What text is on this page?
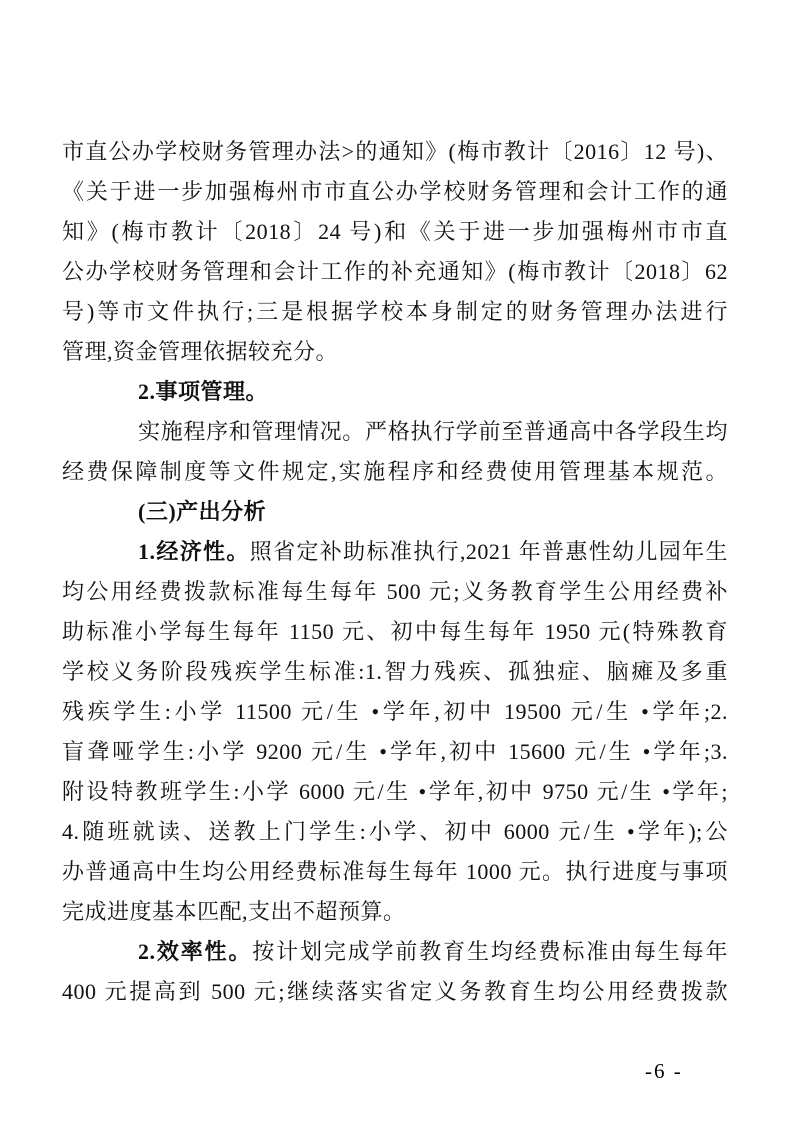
市直公办学校财务管理办法>的通知》(梅市教计〔2016〕12 号)、
《关于进一步加强梅州市市直公办学校财务管理和会计工作的通
知》(梅市教计〔2018〕24 号)和《关于进一步加强梅州市市直
公办学校财务管理和会计工作的补充通知》(梅市教计〔2018〕62
号)等市文件执行;三是根据学校本身制定的财务管理办法进行
管理,资金管理依据较充分。
2.事项管理。
实施程序和管理情况。严格执行学前至普通高中各学段生均
经费保障制度等文件规定,实施程序和经费使用管理基本规范。
(三)产出分析
1.经济性。照省定补助标准执行,2021 年普惠性幼儿园年生
均公用经费拨款标准每生每年 500 元;义务教育学生公用经费补
助标准小学每生每年 1150 元、初中每生每年 1950 元(特殊教育
学校义务阶段残疾学生标准:1.智力残疾、孤独症、脑瘫及多重
残疾学生:小学 11500 元/生 •学年,初中 19500 元/生 •学年;2.
盲聋哑学生:小学 9200 元/生 •学年,初中 15600 元/生 •学年;3.
附设特教班学生:小学 6000 元/生 •学年,初中 9750 元/生 •学年;
4.随班就读、送教上门学生:小学、初中 6000 元/生 •学年);公
办普通高中生均公用经费标准每生每年 1000 元。执行进度与事项
完成进度基本匹配,支出不超预算。
2.效率性。按计划完成学前教育生均经费标准由每生每年
400 元提高到 500 元;继续落实省定义务教育生均公用经费拨款
-6 -
